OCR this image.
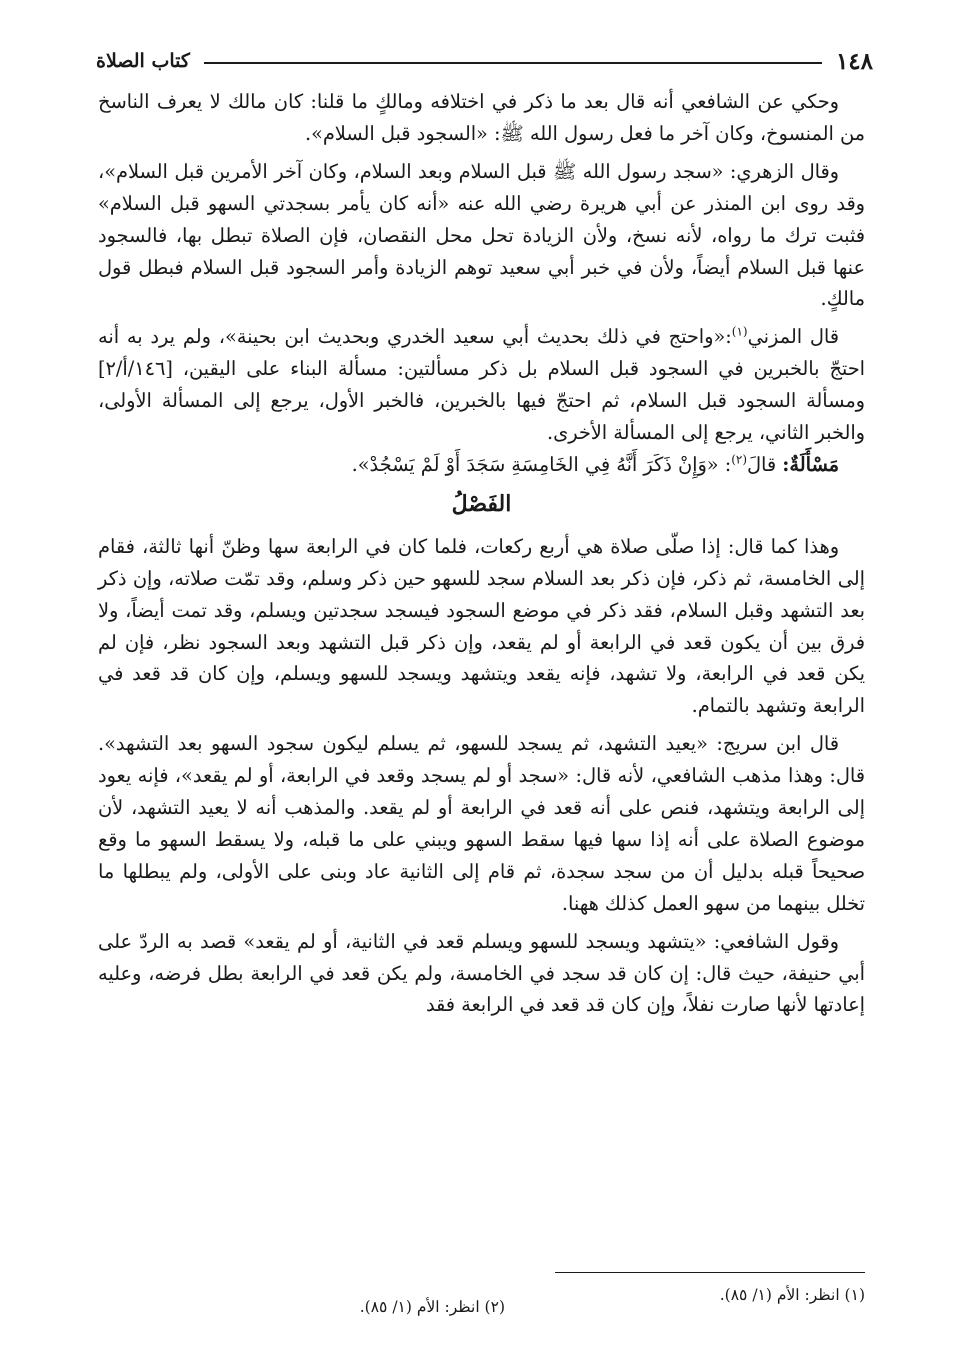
١٤٨
كتاب الصلاة

وحكي عن الشافعي أنه قال بعد ما ذكر في اختلافه ومالكٍ ما قلنا: كان مالك لا يعرف الناسخ من المنسوخ، وكان آخر ما فعل رسول الله ﷺ: «السجود قبل السلام».

وقال الزهري: «سجد رسول الله ﷺ قبل السلام وبعد السلام، وكان آخر الأمرين قبل السلام»، وقد روى ابن المنذر عن أبي هريرة رضي الله عنه «أنه كان يأمر بسجدتي السهو قبل السلام» فثبت ترك ما رواه، لأنه نسخ، ولأن الزيادة تحل محل النقصان، فإن الصلاة تبطل بها، فالسجود عنها قبل السلام أيضاً، ولأن في خبر أبي سعيد توهم الزيادة وأمر السجود قبل السلام فبطل قول مالكٍ.

قال المزني$^{(١)}$:«واحتج في ذلك بحديث أبي سعيد الخدري وبحديث ابن بحينة»، ولم يرد به أنه احتجّ بالخبرين في السجود قبل السلام بل ذكر مسألتين: مسألة البناء على اليقين، [١٤٦/أ/٢] ومسألة السجود قبل السلام، ثم احتجّ فيها بالخبرين، فالخبر الأول، يرجع إلى المسألة الأولى، والخبر الثاني، يرجع إلى المسألة الأخرى.

مَسْأَلَةٌ: قالَ$^{(٢)}$: «وَإِنْ ذَكَرَ أَنَّهُ فِي الخَامِسَةِ سَجَدَ أَوْ لَمْ يَسْجُدْ».

الفَصْلُ

وهذا كما قال: إذا صلّى صلاة هي أربع ركعات، فلما كان في الرابعة سها وظنّ أنها ثالثة، فقام إلى الخامسة، ثم ذكر، فإن ذكر بعد السلام سجد للسهو حين ذكر وسلم، وقد تمّت صلاته، وإن ذكر بعد التشهد وقبل السلام، فقد ذكر في موضع السجود فيسجد سجدتين ويسلم، وقد تمت أيضاً، ولا فرق بين أن يكون قعد في الرابعة أو لم يقعد، وإن ذكر قبل التشهد وبعد السجود نظر، فإن لم يكن قعد في الرابعة، ولا تشهد، فإنه يقعد ويتشهد ويسجد للسهو ويسلم، وإن كان قد قعد في الرابعة وتشهد بالتمام.

قال ابن سريج: «يعيد التشهد، ثم يسجد للسهو، ثم يسلم ليكون سجود السهو بعد التشهد». قال: وهذا مذهب الشافعي، لأنه قال: «سجد أو لم يسجد وقعد في الرابعة، أو لم يقعد»، فإنه يعود إلى الرابعة ويتشهد، فنص على أنه قعد في الرابعة أو لم يقعد. والمذهب أنه لا يعيد التشهد، لأن موضوع الصلاة على أنه إذا سها فيها سقط السهو ويبني على ما قبله، ولا يسقط السهو ما وقع صحيحاً قبله بدليل أن من سجد سجدة، ثم قام إلى الثانية عاد وبنى على الأولى، ولم يبطلها ما تخلل بينهما من سهو العمل كذلك ههنا.

وقول الشافعي: «يتشهد ويسجد للسهو ويسلم قعد في الثانية، أو لم يقعد» قصد به الردّ على أبي حنيفة، حيث قال: إن كان قد سجد في الخامسة، ولم يكن قعد في الرابعة بطل فرضه، وعليه إعادتها لأنها صارت نفلاً، وإن كان قد قعد في الرابعة فقد

(١) انظر: الأم (١/ ٨٥).
(٢) انظر: الأم (١/ ٨٥).
